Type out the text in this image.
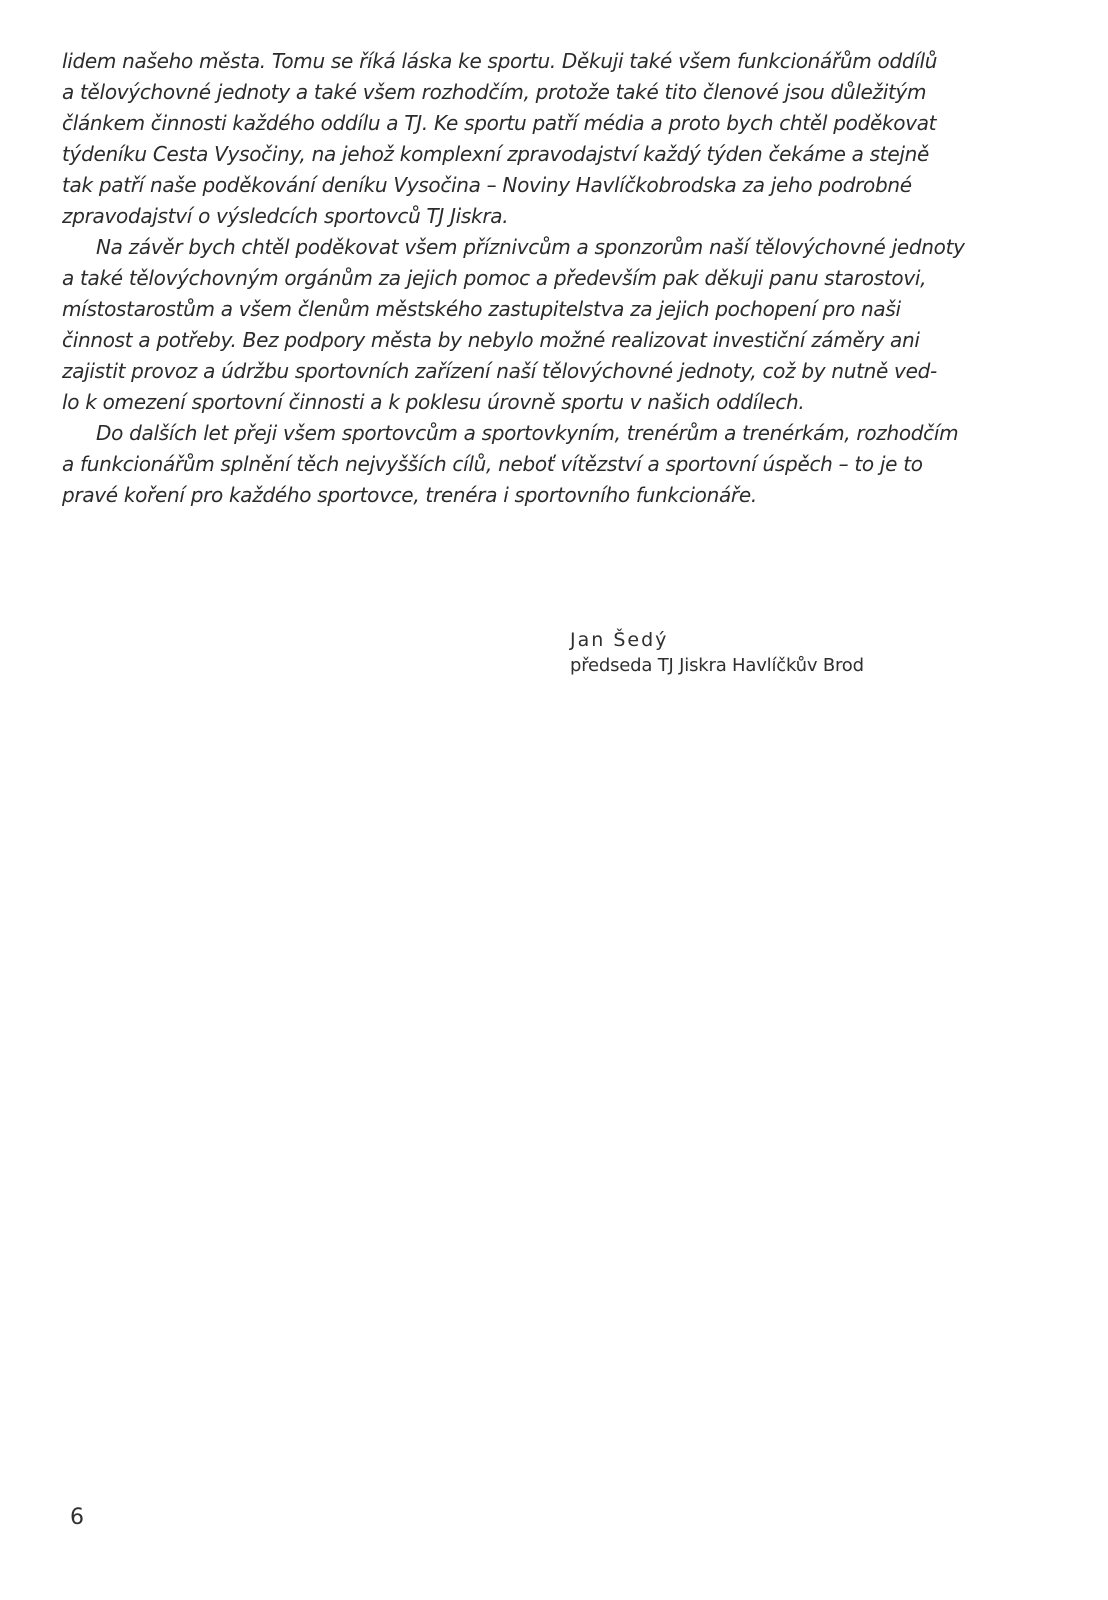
lidem našeho města. Tomu se říká láska ke sportu. Děkuji také všem funkcionářům oddílů
a tělovýchovné jednoty a také všem rozhodčím, protože také tito členové jsou důležitým
článkem činnosti každého oddílu a TJ. Ke sportu patří média a proto bych chtěl poděkovat
týdeníku Cesta Vysočiny, na jehož komplexní zpravodajství každý týden čekáme a stejně
tak patří naše poděkování deníku Vysočina – Noviny Havlíčkobrodska za jeho podrobné
zpravodajství o výsledcích sportovců TJ Jiskra.
Na závěr bych chtěl poděkovat všem příznivcům a sponzorům naší tělovýchovné jednoty
a také tělovýchovným orgánům za jejich pomoc a především pak děkuji panu starostovi,
místostarostům a všem členům městského zastupitelstva za jejich pochopení pro naši
činnost a potřeby. Bez podpory města by nebylo možné realizovat investiční záměry ani
zajistit provoz a údržbu sportovních zařízení naší tělovýchovné jednoty, což by nutně ved-
lo k omezení sportovní činnosti a k poklesu úrovně sportu v našich oddílech.
Do dalších let přeji všem sportovcům a sportovkyním, trenérům a trenérkám, rozhodčím
a funkcionářům splnění těch nejvyšších cílů, neboť vítězství a sportovní úspěch – to je to
pravé koření pro každého sportovce, trenéra i sportovního funkcionáře.
Jan Šedý
předseda TJ Jiskra Havlíčkův Brod
6
